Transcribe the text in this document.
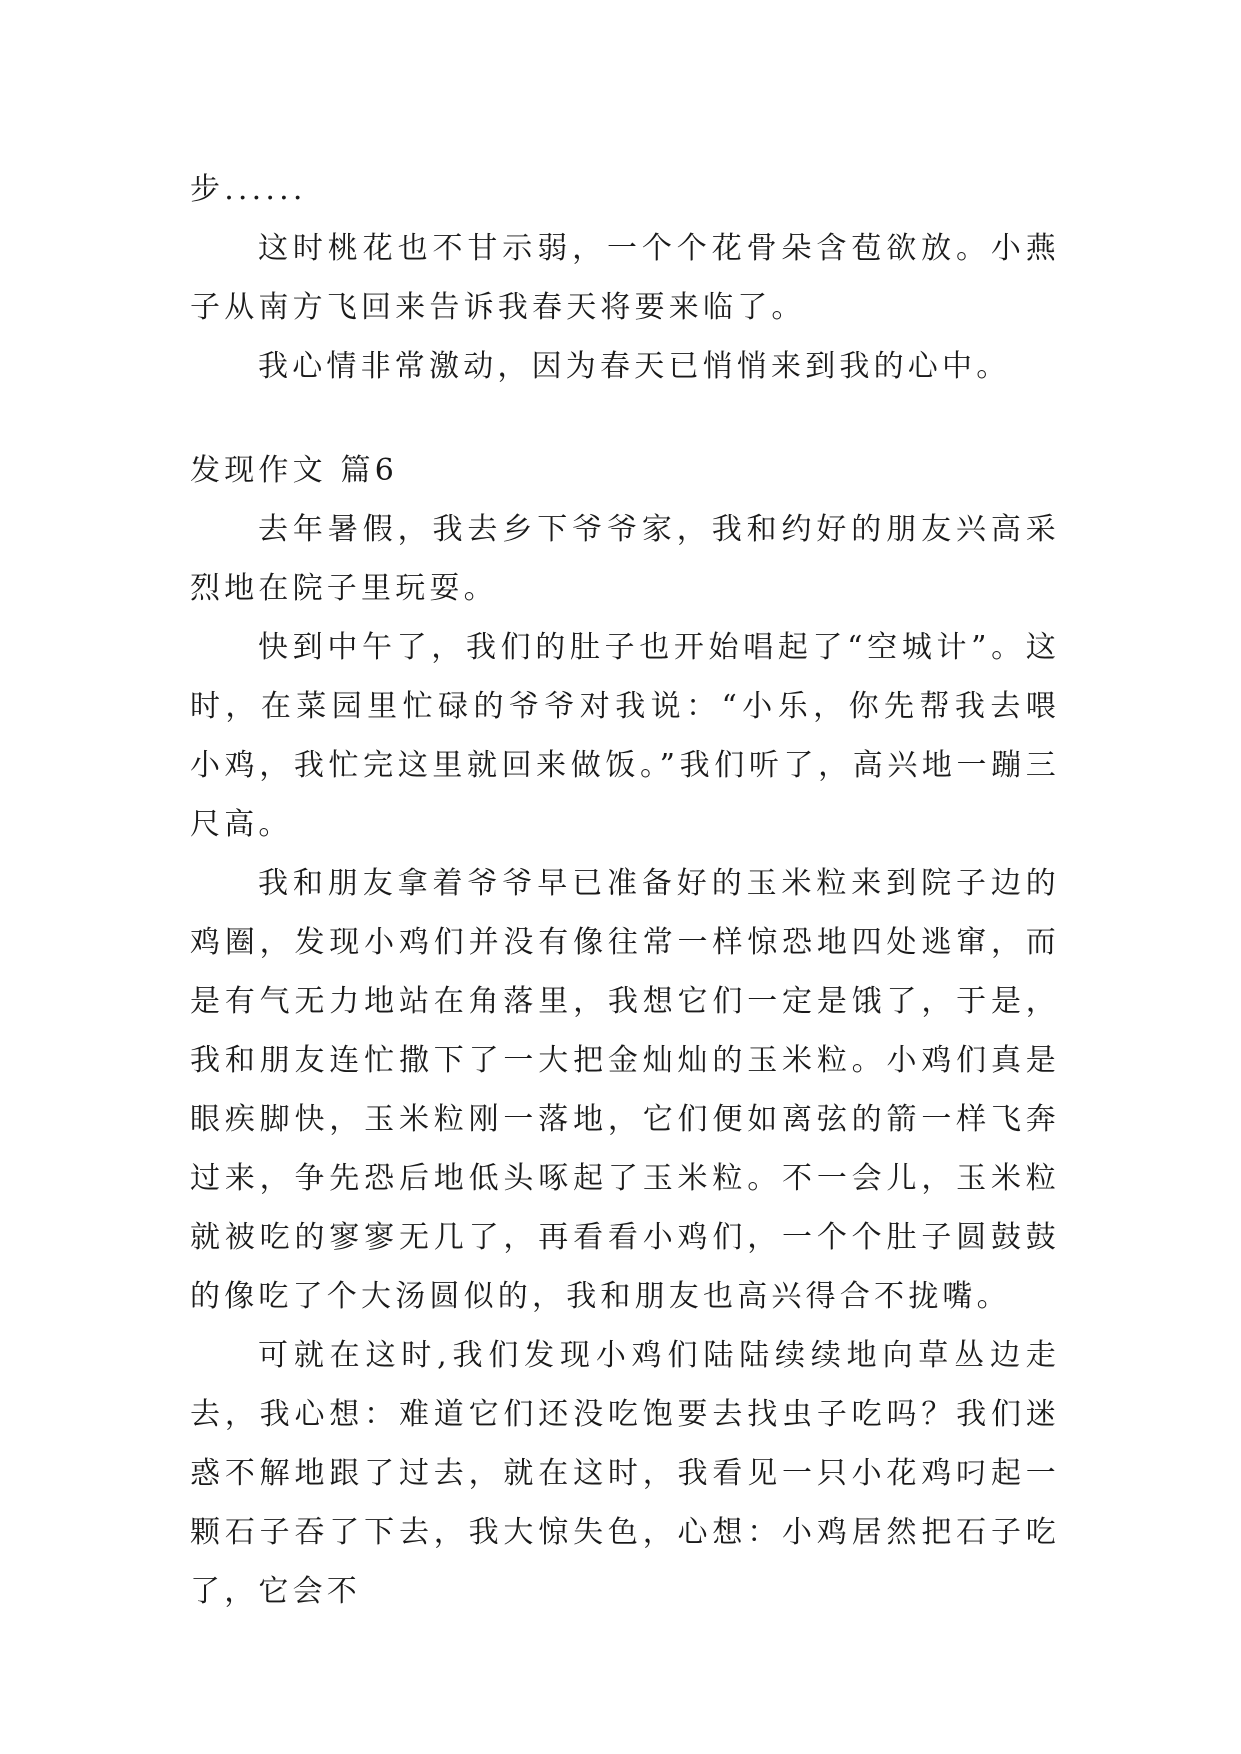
步......

这时桃花也不甘示弱，一个个花骨朵含苞欲放。小燕子从南方飞回来告诉我春天将要来临了。

我心情非常激动，因为春天已悄悄来到我的心中。

发现作文 篇6

去年暑假，我去乡下爷爷家，我和约好的朋友兴高采烈地在院子里玩耍。

快到中午了，我们的肚子也开始唱起了“空城计”。这时，在菜园里忙碌的爷爷对我说：“小乐，你先帮我去喂小鸡，我忙完这里就回来做饭。”我们听了，高兴地一蹦三尺高。

我和朋友拿着爷爷早已准备好的玉米粒来到院子边的鸡圈，发现小鸡们并没有像往常一样惊恐地四处逃窜，而是有气无力地站在角落里，我想它们一定是饿了，于是，我和朋友连忙撒下了一大把金灿灿的玉米粒。小鸡们真是眼疾脚快，玉米粒刚一落地，它们便如离弦的箭一样飞奔过来，争先恐后地低头啄起了玉米粒。不一会儿，玉米粒就被吃的寥寥无几了，再看看小鸡们，一个个肚子圆鼓鼓的像吃了个大汤圆似的，我和朋友也高兴得合不拢嘴。

可就在这时,我们发现小鸡们陆陆续续地向草丛边走去，我心想：难道它们还没吃饱要去找虫子吃吗？我们迷惑不解地跟了过去，就在这时，我看见一只小花鸡叼起一颗石子吞了下去，我大惊失色，心想：小鸡居然把石子吃了，它会不
